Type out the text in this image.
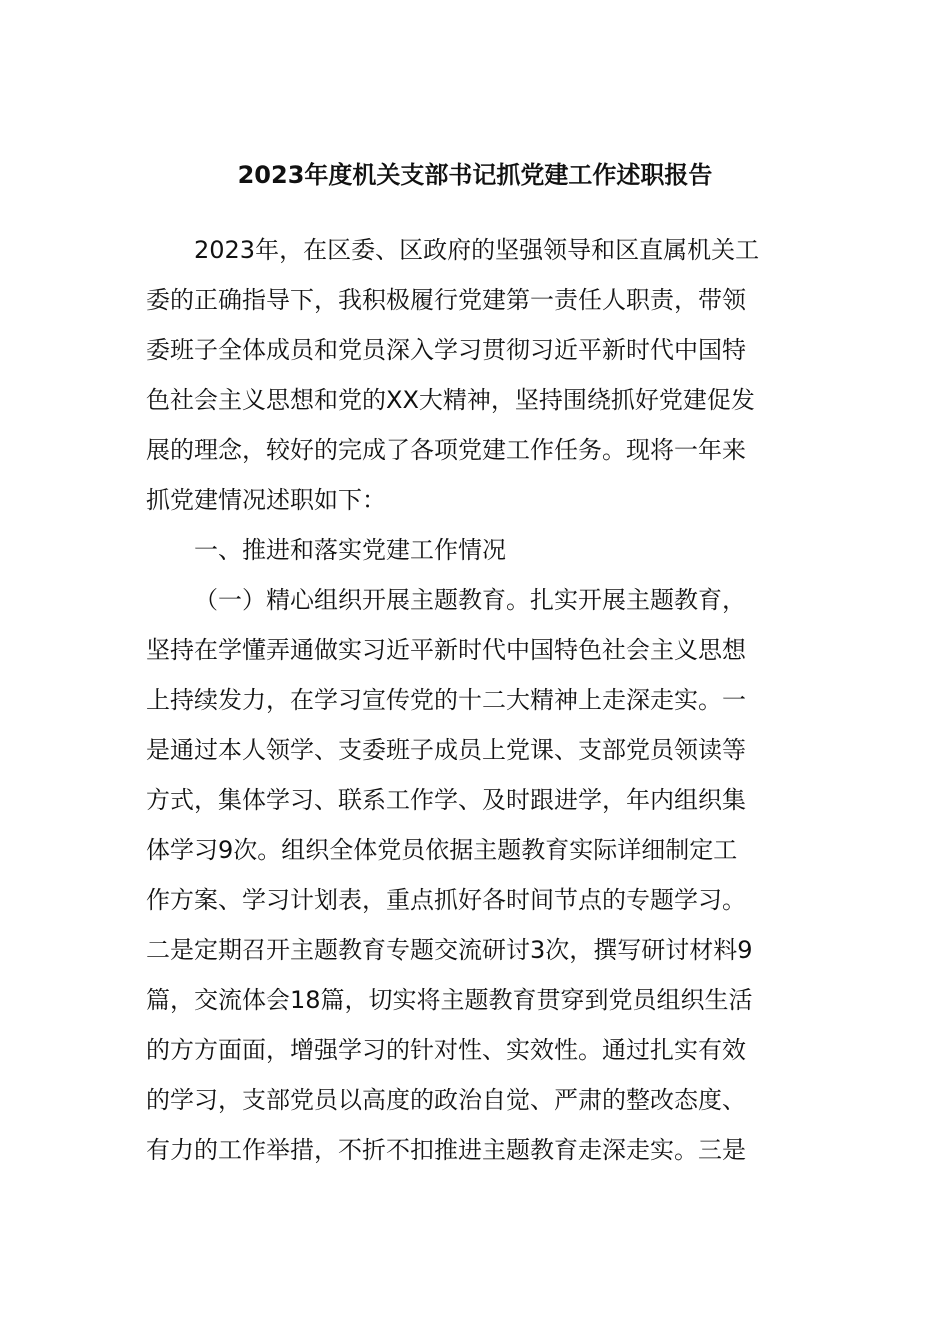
2023年度机关支部书记抓党建工作述职报告
2023年，在区委、区政府的坚强领导和区直属机关工
委的正确指导下，我积极履行党建第一责任人职责，带领
委班子全体成员和党员深入学习贯彻习近平新时代中国特
色社会主义思想和党的XX大精神，坚持围绕抓好党建促发
展的理念，较好的完成了各项党建工作任务。现将一年来
抓党建情况述职如下：
一、推进和落实党建工作情况
（一）精心组织开展主题教育。扎实开展主题教育，
坚持在学懂弄通做实习近平新时代中国特色社会主义思想
上持续发力，在学习宣传党的十二大精神上走深走实。一
是通过本人领学、支委班子成员上党课、支部党员领读等
方式，集体学习、联系工作学、及时跟进学，年内组织集
体学习9次。组织全体党员依据主题教育实际详细制定工
作方案、学习计划表，重点抓好各时间节点的专题学习。
二是定期召开主题教育专题交流研讨3次，撰写研讨材料9
篇，交流体会18篇，切实将主题教育贯穿到党员组织生活
的方方面面，增强学习的针对性、实效性。通过扎实有效
的学习，支部党员以高度的政治自觉、严肃的整改态度、
有力的工作举措，不折不扣推进主题教育走深走实。三是
